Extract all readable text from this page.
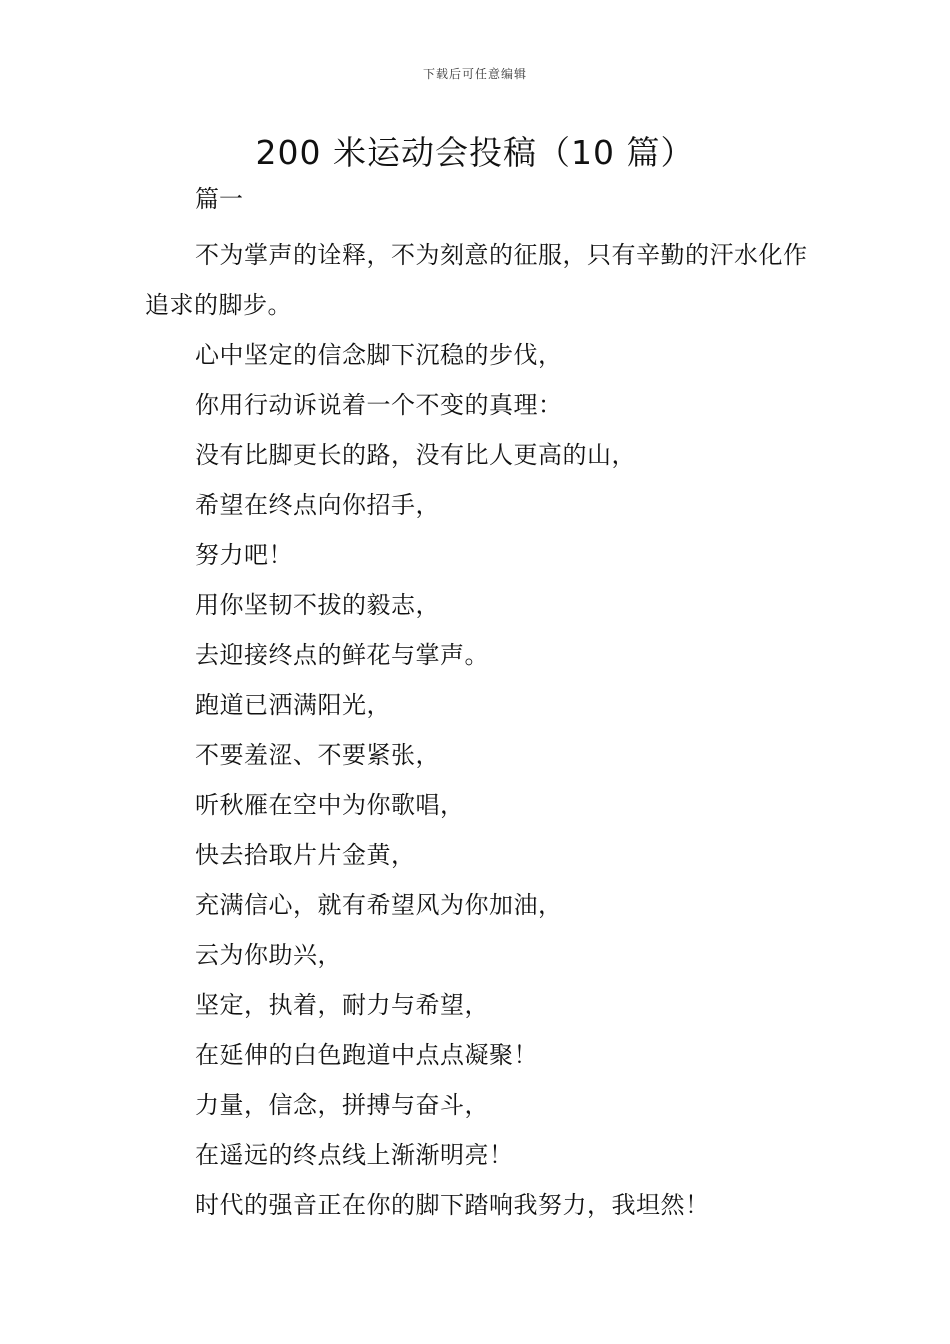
下载后可任意编辑
200 米运动会投稿（10 篇）

篇一

不为掌声的诠释，不为刻意的征服，只有辛勤的汗水化作追求的脚步。

心中坚定的信念脚下沉稳的步伐，

你用行动诉说着一个不变的真理：

没有比脚更长的路，没有比人更高的山，

希望在终点向你招手，

努力吧！

用你坚韧不拔的毅志，

去迎接终点的鲜花与掌声。

跑道已洒满阳光，

不要羞涩、不要紧张，

听秋雁在空中为你歌唱，

快去拾取片片金黄，

充满信心，就有希望风为你加油，

云为你助兴，

坚定，执着，耐力与希望，

在延伸的白色跑道中点点凝聚！

力量，信念，拼搏与奋斗，

在遥远的终点线上渐渐明亮！

时代的强音正在你的脚下踏响我努力，我坦然！
